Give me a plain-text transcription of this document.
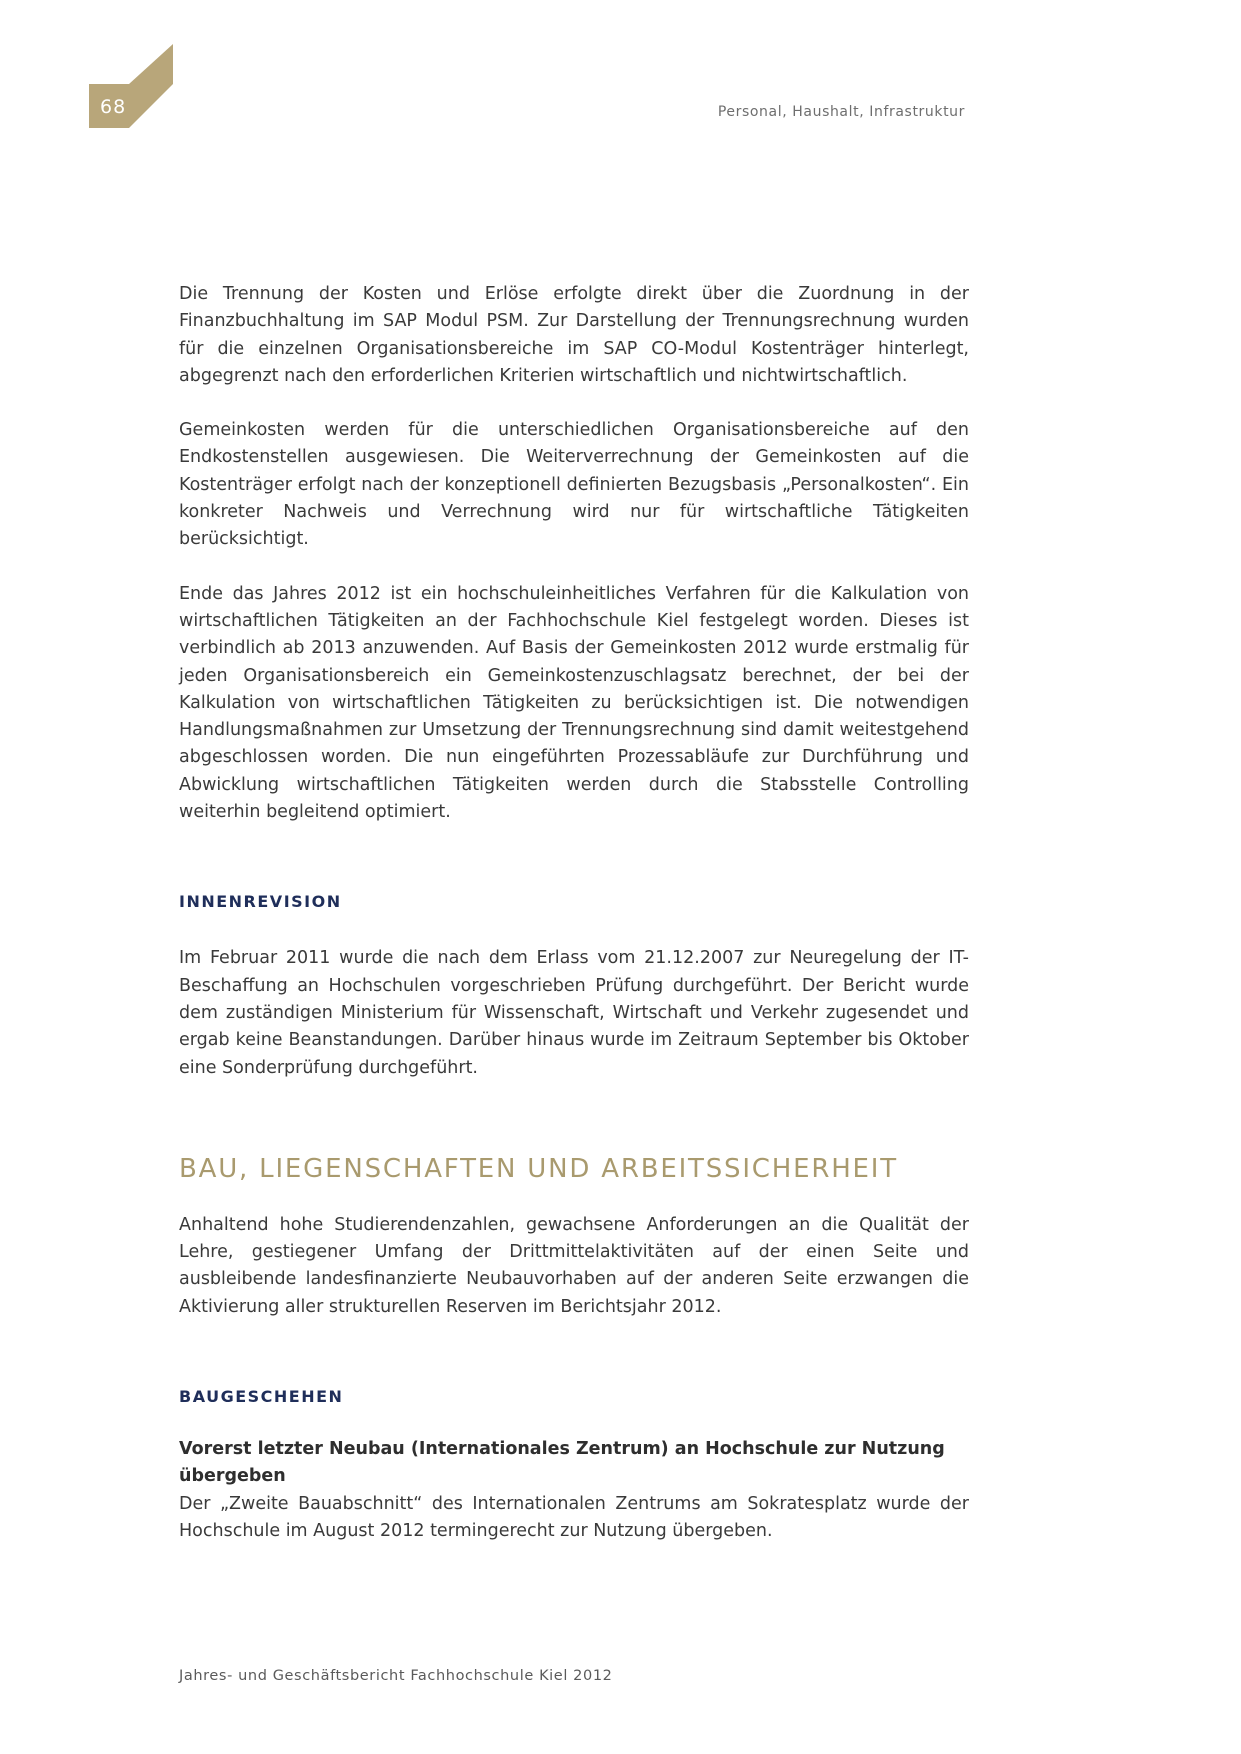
68	Personal, Haushalt, Infrastruktur

Die Trennung der Kosten und Erlöse erfolgte direkt über die Zuordnung in der Finanzbuchhaltung im SAP Modul PSM. Zur Darstellung der Trennungsrechnung wurden für die einzelnen Organisationsbereiche im SAP CO-Modul Kostenträger hinterlegt, abgegrenzt nach den erforderlichen Kriterien wirtschaftlich und nichtwirtschaftlich.

Gemeinkosten werden für die unterschiedlichen Organisationsbereiche auf den Endkostenstellen ausgewiesen. Die Weiterverrechnung der Gemeinkosten auf die Kostenträger erfolgt nach der konzeptionell definierten Bezugsbasis „Personalkosten“. Ein konkreter Nachweis und Verrechnung wird nur für wirtschaftliche Tätigkeiten berücksichtigt.

Ende das Jahres 2012 ist ein hochschuleinheitliches Verfahren für die Kalkulation von wirtschaftlichen Tätigkeiten an der Fachhochschule Kiel festgelegt worden. Dieses ist verbindlich ab 2013 anzuwenden. Auf Basis der Gemeinkosten 2012 wurde erstmalig für jeden Organisationsbereich ein Gemeinkostenzuschlagsatz berechnet, der bei der Kalkulation von wirtschaftlichen Tätigkeiten zu berücksichtigen ist. Die notwendigen Handlungsmaßnahmen zur Umsetzung der Trennungsrechnung sind damit weitestgehend abgeschlossen worden. Die nun eingeführten Prozessabläufe zur Durchführung und Abwicklung wirtschaftlichen Tätigkeiten werden durch die Stabsstelle Controlling weiterhin begleitend optimiert.

INNENREVISION

Im Februar 2011 wurde die nach dem Erlass vom 21.12.2007 zur Neuregelung der IT-Beschaffung an Hochschulen vorgeschrieben Prüfung durchgeführt. Der Bericht wurde dem zuständigen Ministerium für Wissenschaft, Wirtschaft und Verkehr zugesendet und ergab keine Beanstandungen. Darüber hinaus wurde im Zeitraum September bis Oktober eine Sonderprüfung durchgeführt.

BAU, LIEGENSCHAFTEN UND ARBEITSSICHERHEIT

Anhaltend hohe Studierendenzahlen, gewachsene Anforderungen an die Qualität der Lehre, gestiegener Umfang der Drittmittelaktivitäten auf der einen Seite und ausbleibende landesfinanzierte Neubauvorhaben auf der anderen Seite erzwangen die Aktivierung aller strukturellen Reserven im Berichtsjahr 2012.

BAUGESCHEHEN

Vorerst letzter Neubau (Internationales Zentrum) an Hochschule zur Nutzung übergeben

Der „Zweite Bauabschnitt“ des Internationalen Zentrums am Sokratesplatz wurde der Hochschule im August 2012 termingerecht zur Nutzung übergeben.

Jahres- und Geschäftsbericht Fachhochschule Kiel 2012
